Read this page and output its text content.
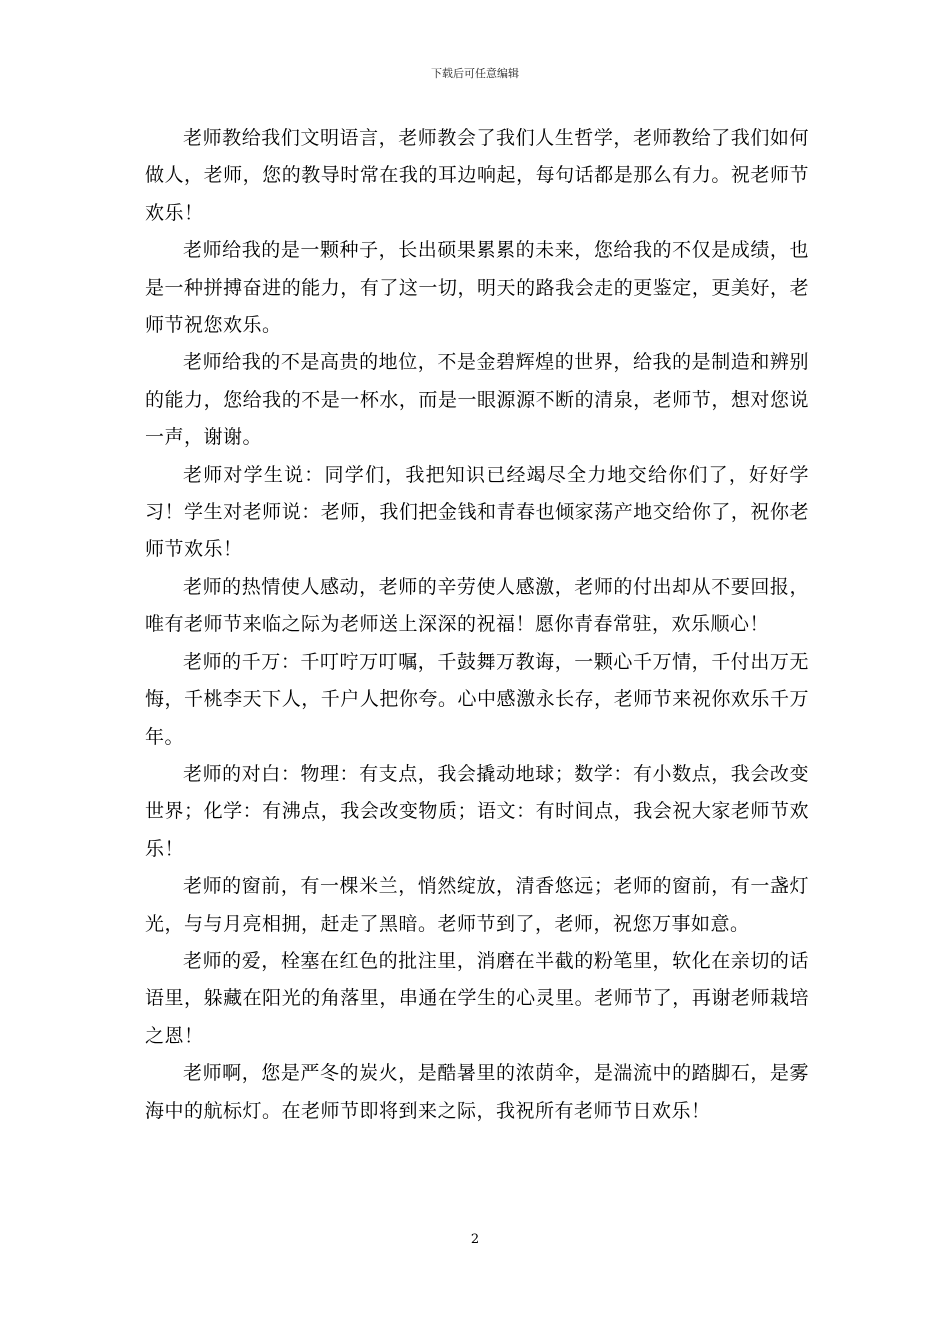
下载后可任意编辑

老师教给我们文明语言，老师教会了我们人生哲学，老师教给了我们如何做人，老师，您的教导时常在我的耳边响起，每句话都是那么有力。祝老师节欢乐！

老师给我的是一颗种子，长出硕果累累的未来，您给我的不仅是成绩，也是一种拼搏奋进的能力，有了这一切，明天的路我会走的更鉴定，更美好，老师节祝您欢乐。

老师给我的不是高贵的地位，不是金碧辉煌的世界，给我的是制造和辨别的能力，您给我的不是一杯水，而是一眼源源不断的清泉，老师节，想对您说一声，谢谢。

老师对学生说：同学们，我把知识已经竭尽全力地交给你们了，好好学习！学生对老师说：老师，我们把金钱和青春也倾家荡产地交给你了，祝你老师节欢乐！

老师的热情使人感动，老师的辛劳使人感激，老师的付出却从不要回报，唯有老师节来临之际为老师送上深深的祝福！愿你青春常驻，欢乐顺心！

老师的千万：千叮咛万叮嘱，千鼓舞万教诲，一颗心千万情，千付出万无悔，千桃李天下人，千户人把你夸。心中感激永长存，老师节来祝你欢乐千万年。

老师的对白：物理：有支点，我会撬动地球；数学：有小数点，我会改变世界；化学：有沸点，我会改变物质；语文：有时间点，我会祝大家老师节欢乐！

老师的窗前，有一棵米兰，悄然绽放，清香悠远；老师的窗前，有一盏灯光，与与月亮相拥，赶走了黑暗。老师节到了，老师，祝您万事如意。

老师的爱，栓塞在红色的批注里，消磨在半截的粉笔里，软化在亲切的话语里，躲藏在阳光的角落里，串通在学生的心灵里。老师节了，再谢老师栽培之恩！

老师啊，您是严冬的炭火，是酷暑里的浓荫伞，是湍流中的踏脚石，是雾海中的航标灯。在老师节即将到来之际，我祝所有老师节日欢乐！

2
